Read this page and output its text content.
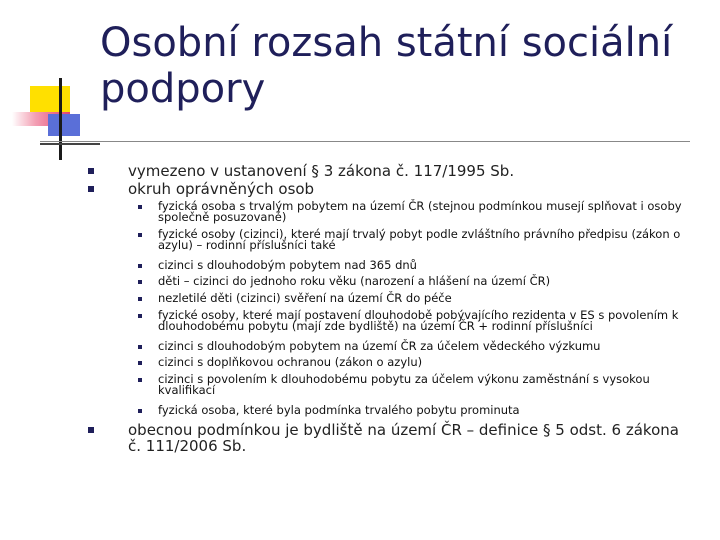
Osobní rozsah státní sociální podpory
vymezeno v ustanovení § 3 zákona č. 117/1995 Sb.
okruh oprávněných osob
fyzická osoba s trvalým pobytem na území ČR (stejnou podmínkou musejí splňovat i osoby společně posuzované)
fyzické osoby (cizinci), které mají trvalý pobyt podle zvláštního právního předpisu (zákon o azylu) – rodinní příslušníci také
cizinci s dlouhodobým pobytem nad 365 dnů
děti – cizinci do jednoho roku věku (narození a hlášení na území ČR)
nezletilé děti (cizinci) svěření na území ČR do péče
fyzické osoby, které mají postavení dlouhodobě pobývajícího rezidenta v ES s povolením k dlouhodobému pobytu (mají zde bydliště) na území ČR + rodinní příslušníci
cizinci s dlouhodobým pobytem na území ČR za účelem vědeckého výzkumu
cizinci s doplňkovou ochranou (zákon o azylu)
cizinci s povolením k dlouhodobému pobytu za účelem výkonu zaměstnání s vysokou kvalifikací
fyzická osoba, které byla podmínka trvalého pobytu prominuta
obecnou podmínkou je bydliště na území ČR – definice § 5 odst. 6 zákona č. 111/2006 Sb.
